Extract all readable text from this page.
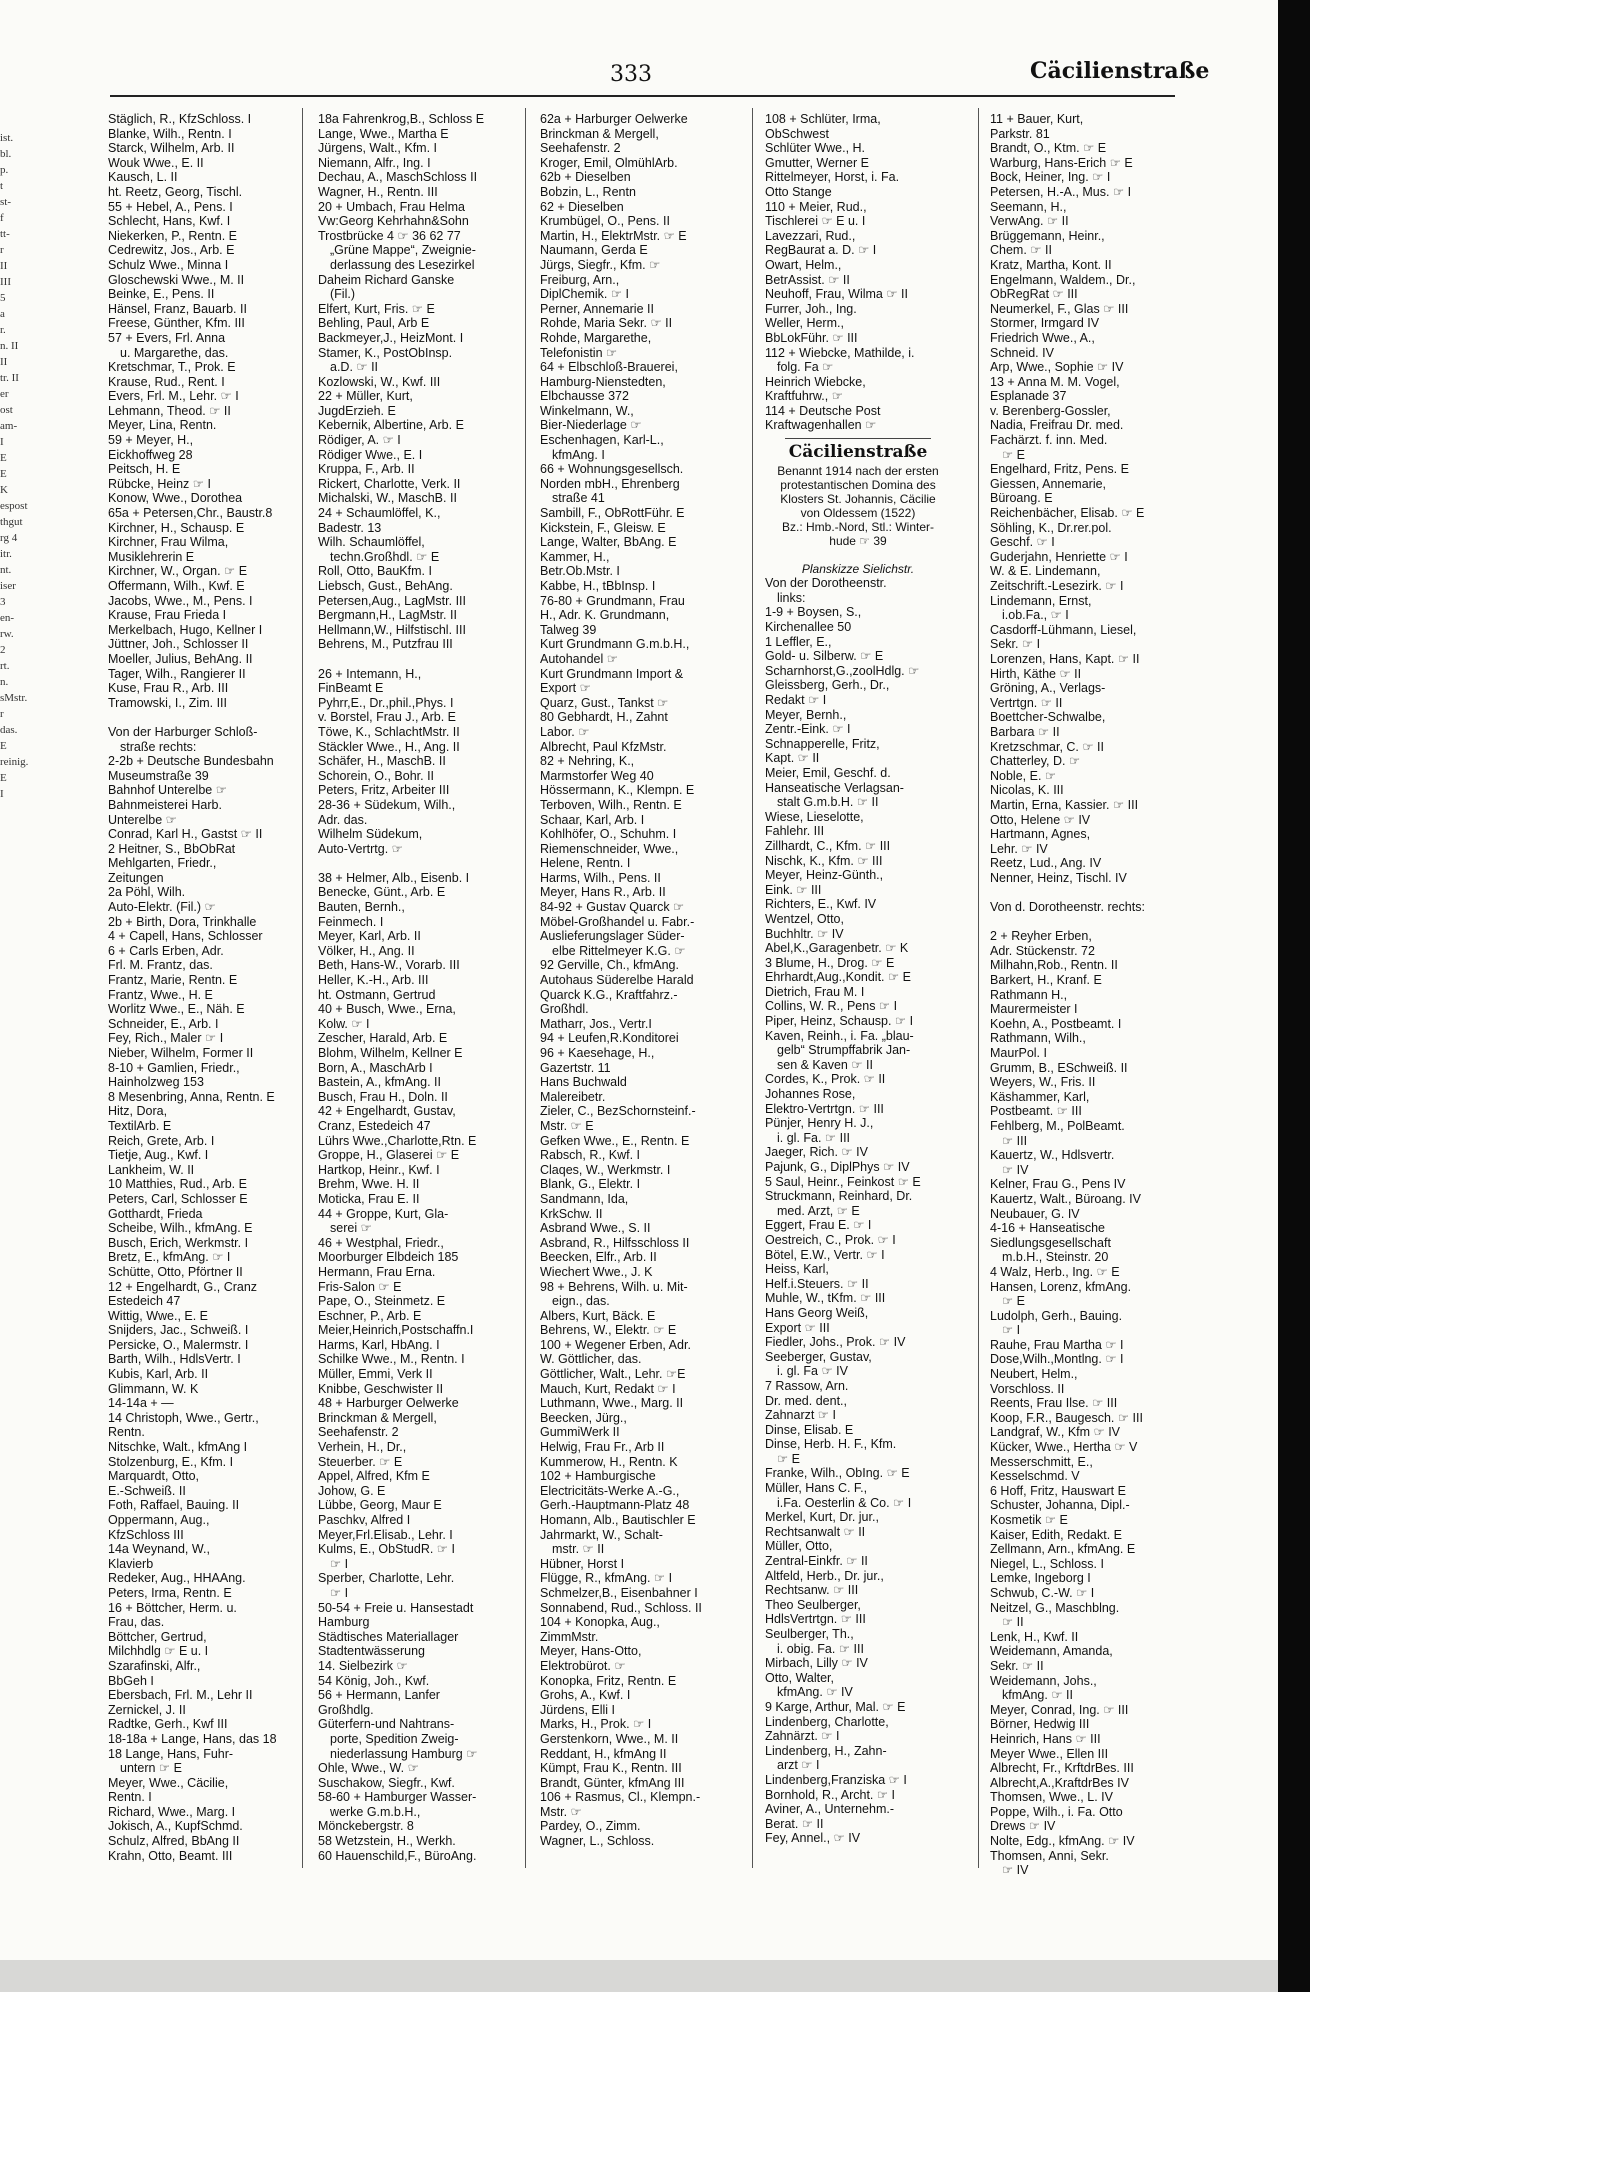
ist.
bl.
p.
t
st-
f
tt-
r
II
III
5
a
r.
n. II
II
tr. II
er
ost
am-
I
E
E
K
espost
thgut
rg 4
itr.
nt.
iser
3
en-
rw.
2
rt.
n.
sMstr.
r
das.
E
reinig.
E
I
333	Cäcilienstraße
Stäglich, R., KfzSchloss. I
Blanke, Wilh., Rentn. I
Starck, Wilhelm, Arb. II
Wouk Wwe., E. II
Kausch, L. II
ht. Reetz, Georg, Tischl.
55 + Hebel, A., Pens. I
Schlecht, Hans, Kwf. I
Niekerken, P., Rentn. E
Cedrewitz, Jos., Arb. E
Schulz Wwe., Minna I
Gloschewski Wwe., M. II
Beinke, E., Pens. II
Hänsel, Franz, Bauarb. II
Freese, Günther, Kfm. III
57 + Evers, Frl. Anna
u. Margarethe, das.
Kretschmar, T., Prok. E
Krause, Rud., Rent. I
Evers, Frl. M., Lehr. ☞ I
Lehmann, Theod. ☞ II
Meyer, Lina, Rentn.
59 + Meyer, H.,
Eickhoffweg 28
Peitsch, H. E
Rübcke, Heinz ☞ I
Konow, Wwe., Dorothea
65a + Petersen,Chr., Baustr.8
Kirchner, H., Schausp. E
Kirchner, Frau Wilma,
Musiklehrerin E
Kirchner, W., Organ. ☞ E
Offermann, Wilh., Kwf. E
Jacobs, Wwe., M., Pens. I
Krause, Frau Frieda I
Merkelbach, Hugo, Kellner I
Jüttner, Joh., Schlosser II
Moeller, Julius, BehAng. II
Tager, Wilh., Rangierer II
Kuse, Frau R., Arb. III
Tramowski, I., Zim. III

Von der Harburger Schloß-
straße rechts:
2-2b + Deutsche Bundesbahn
Museumstraße 39
Bahnhof Unterelbe ☞
Bahnmeisterei Harb.
Unterelbe ☞
Conrad, Karl H., Gastst ☞ II
2 Heitner, S., BbObRat
Mehlgarten, Friedr.,
Zeitungen
2a Pöhl, Wilh.
Auto-Elektr. (Fil.) ☞
2b + Birth, Dora, Trinkhalle
4 + Capell, Hans, Schlosser
6 + Carls Erben, Adr.
Frl. M. Frantz, das.
Frantz, Marie, Rentn. E
Frantz, Wwe., H. E
Worlitz Wwe., E., Näh. E
Schneider, E., Arb. I
Fey, Rich., Maler ☞ I
Nieber, Wilhelm, Former II
8-10 + Gamlien, Friedr.,
Hainholzweg 153
8 Mesenbring, Anna, Rentn. E
Hitz, Dora,
TextilArb. E
Reich, Grete, Arb. I
Tietje, Aug., Kwf. I
Lankheim, W. II
10 Matthies, Rud., Arb. E
Peters, Carl, Schlosser E
Gotthardt, Frieda
Scheibe, Wilh., kfmAng. E
Busch, Erich, Werkmstr. I
Bretz, E., kfmAng. ☞ I
Schütte, Otto, Pförtner II
12 + Engelhardt, G., Cranz
Estedeich 47
Wittig, Wwe., E. E
Snijders, Jac., Schweiß. I
Persicke, O., Malermstr. I
Barth, Wilh., HdlsVertr. I
Kubis, Karl, Arb. II
Glimmann, W. K
14-14a + —
14 Christoph, Wwe., Gertr.,
Rentn.
Nitschke, Walt., kfmAng I
Stolzenburg, E., Kfm. I
Marquardt, Otto,
E.-Schweiß. II
Foth, Raffael, Bauing. II
Oppermann, Aug.,
KfzSchloss III
14a Weynand, W.,
Klavierb
Redeker, Aug., HHAAng.
Peters, Irma, Rentn. E
16 + Böttcher, Herm. u.
Frau, das.
Böttcher, Gertrud,
Milchhdlg ☞ E u. I
Szarafinski, Alfr.,
BbGeh I
Ebersbach, Frl. M., Lehr II
Zernickel, J. II
Radtke, Gerh., Kwf III
18-18a + Lange, Hans, das 18
18 Lange, Hans, Fuhr-
untern ☞ E
Meyer, Wwe., Cäcilie,
Rentn. I
Richard, Wwe., Marg. I
Jokisch, A., KupfSchmd.
Schulz, Alfred, BbAng II
Krahn, Otto, Beamt. III
18a Fahrenkrog,B., Schloss E
Lange, Wwe., Martha E
Jürgens, Walt., Kfm. I
Niemann, Alfr., Ing. I
Dechau, A., MaschSchloss II
Wagner, H., Rentn. III
20 + Umbach, Frau Helma
Vw:Georg Kehrhahn&Sohn
Trostbrücke 4 ☞ 36 62 77
„Grüne Mappe“, Zweignie-
derlassung des Lesezirkel
Daheim Richard Ganske
(Fil.)
Elfert, Kurt, Fris. ☞ E
Behling, Paul, Arb E
Backmeyer,J., HeizMont. I
Stamer, K., PostObInsp.
a.D. ☞ II
Kozlowski, W., Kwf. III
22 + Müller, Kurt,
JugdErzieh. E
Kebernik, Albertine, Arb. E
Rödiger, A. ☞ I
Rödiger Wwe., E. I
Kruppa, F., Arb. II
Rickert, Charlotte, Verk. II
Michalski, W., MaschB. II
24 + Schaumlöffel, K.,
Badestr. 13
Wilh. Schaumlöffel,
techn.Großhdl. ☞ E
Roll, Otto, BauKfm. I
Liebsch, Gust., BehAng.
Petersen,Aug., LagMstr. III
Bergmann,H., LagMstr. II
Hellmann,W., Hilfstischl. III
Behrens, M., Putzfrau III

26 + Intemann, H.,
FinBeamt E
Pyhrr,E., Dr.,phil.,Phys. I
v. Borstel, Frau J., Arb. E
Töwe, K., SchlachtMstr. II
Stäckler Wwe., H., Ang. II
Schäfer, H., MaschB. II
Schorein, O., Bohr. II
Peters, Fritz, Arbeiter III
28-36 + Südekum, Wilh.,
Adr. das.
Wilhelm Südekum,
Auto-Vertrtg. ☞

38 + Helmer, Alb., Eisenb. I
Benecke, Günt., Arb. E
Bauten, Bernh.,
Feinmech. I
Meyer, Karl, Arb. II
Völker, H., Ang. II
Beth, Hans-W., Vorarb. III
Heller, K.-H., Arb. III
ht. Ostmann, Gertrud
40 + Busch, Wwe., Erna,
Kolw. ☞ I
Zescher, Harald, Arb. E
Blohm, Wilhelm, Kellner E
Born, A., MaschArb I
Bastein, A., kfmAng. II
Busch, Frau H., Doln. II
42 + Engelhardt, Gustav,
Cranz, Estedeich 47
Lührs Wwe.,Charlotte,Rtn. E
Groppe, H., Glaserei ☞ E
Hartkop, Heinr., Kwf. I
Brehm, Wwe. H. II
Moticka, Frau E. II
44 + Groppe, Kurt, Gla-
serei ☞
46 + Westphal, Friedr.,
Moorburger Elbdeich 185
Hermann, Frau Erna.
Fris-Salon ☞ E
Pape, O., Steinmetz. E
Eschner, P., Arb. E
Meier,Heinrich,Postschaffn.I
Harms, Karl, HbAng. I
Schilke Wwe., M., Rentn. I
Müller, Emmi, Verk II
Knibbe, Geschwister II
48 + Harburger Oelwerke
Brinckman & Mergell,
Seehafenstr. 2
Verhein, H., Dr.,
Steuerber. ☞ E
Appel, Alfred, Kfm E
Johow, G. E
Lübbe, Georg, Maur E
Paschkv, Alfred I
Meyer,Frl.Elisab., Lehr. I
Kulms, E., ObStudR. ☞ I
☞ I
Sperber, Charlotte, Lehr.
☞ I
50-54 + Freie u. Hansestadt
Hamburg
Städtisches Materiallager
Stadtentwässerung
14. Sielbezirk ☞
54 König, Joh., Kwf.
56 + Hermann, Lanfer
Großhdlg.
Güterfern-und Nahtrans-
porte, Spedition Zweig-
niederlassung Hamburg ☞
Ohle, Wwe., W. ☞
Suschakow, Siegfr., Kwf.
58-60 + Hamburger Wasser-
werke G.m.b.H.,
Mönckebergstr. 8
58 Wetzstein, H., Werkh.
60 Hauenschild,F., BüroAng.
62a + Harburger Oelwerke
Brinckman & Mergell,
Seehafenstr. 2
Kroger, Emil, OlmühlArb.
62b + Dieselben
Bobzin, L., Rentn
62 + Dieselben
Krumbügel, O., Pens. II
Martin, H., ElektrMstr. ☞ E
Naumann, Gerda E
Jürgs, Siegfr., Kfm. ☞
Freiburg, Arn.,
DiplChemik. ☞ I
Perner, Annemarie II
Rohde, Maria Sekr. ☞ II
Rohde, Margarethe,
Telefonistin ☞
64 + Elbschloß-Brauerei,
Hamburg-Nienstedten,
Elbchausse 372
Winkelmann, W.,
Bier-Niederlage ☞
Eschenhagen, Karl-L.,
kfmAng. I
66 + Wohnungsgesellsch.
Norden mbH., Ehrenberg
straße 41
Sambill, F., ObRottFühr. E
Kickstein, F., Gleisw. E
Lange, Walter, BbAng. E
Kammer, H.,
Betr.Ob.Mstr. I
Kabbe, H., tBbInsp. I
76-80 + Grundmann, Frau
H., Adr. K. Grundmann,
Talweg 39
Kurt Grundmann G.m.b.H.,
Autohandel ☞
Kurt Grundmann Import &
Export ☞
Quarz, Gust., Tankst ☞
80 Gebhardt, H., Zahnt
Labor. ☞
Albrecht, Paul KfzMstr.
82 + Nehring, K.,
Marmstorfer Weg 40
Hössermann, K., Klempn. E
Terboven, Wilh., Rentn. E
Schaar, Karl, Arb. I
Kohlhöfer, O., Schuhm. I
Riemenschneider, Wwe.,
Helene, Rentn. I
Harms, Wilh., Pens. II
Meyer, Hans R., Arb. II
84-92 + Gustav Quarck ☞
Möbel-Großhandel u. Fabr.-
Auslieferungslager Süder-
elbe Rittelmeyer K.G. ☞
92 Gerville, Ch., kfmAng.
Autohaus Süderelbe Harald
Quarck K.G., Kraftfahrz.-
Großhdl.
Matharr, Jos., Vertr.I
94 + Leufen,R.Konditorei
96 + Kaesehage, H.,
Gazertstr. 11
Hans Buchwald
Malereibetr.
Zieler, C., BezSchornsteinf.-
Mstr. ☞ E
Gefken Wwe., E., Rentn. E
Rabsch, R., Kwf. I
Claqes, W., Werkmstr. I
Blank, G., Elektr. I
Sandmann, Ida,
KrkSchw. II
Asbrand Wwe., S. II
Asbrand, R., Hilfsschloss II
Beecken, Elfr., Arb. II
Wiechert Wwe., J. K
98 + Behrens, Wilh. u. Mit-
eign., das.
Albers, Kurt, Bäck. E
Behrens, W., Elektr. ☞ E
100 + Wegener Erben, Adr.
W. Göttlicher, das.
Göttlicher, Walt., Lehr. ☞E
Mauch, Kurt, Redakt ☞ I
Luthmann, Wwe., Marg. II
Beecken, Jürg.,
GummiWerk II
Helwig, Frau Fr., Arb II
Kummerow, H., Rentn. K
102 + Hamburgische
Electricitäts-Werke A.-G.,
Gerh.-Hauptmann-Platz 48
Homann, Alb., Bautischler E
Jahrmarkt, W., Schalt-
mstr. ☞ II
Hübner, Horst I
Flügge, R., kfmAng. ☞ I
Schmelzer,B., Eisenbahner I
Sonnabend, Rud., Schloss. II
104 + Konopka, Aug.,
ZimmMstr.
Meyer, Hans-Otto,
Elektrobürot. ☞
Konopka, Fritz, Rentn. E
Grohs, A., Kwf. I
Jürdens, Elli I
Marks, H., Prok. ☞ I
Gerstenkorn, Wwe., M. II
Reddant, H., kfmAng II
Kümpt, Frau K., Rentn. III
Brandt, Günter, kfmAng III
106 + Rasmus, Cl., Klempn.-
Mstr. ☞
Pardey, O., Zimm.
Wagner, L., Schloss.
108 + Schlüter, Irma,
ObSchwest
Schlüter Wwe., H.
Gmutter, Werner E
Rittelmeyer, Horst, i. Fa.
Otto Stange
110 + Meier, Rud.,
Tischlerei ☞ E u. I
Lavezzari, Rud.,
RegBaurat a. D. ☞ I
Owart, Helm.,
BetrAssist. ☞ II
Neuhoff, Frau, Wilma ☞ II
Furrer, Joh., Ing.
Weller, Herm.,
BbLokFühr. ☞ III
112 + Wiebcke, Mathilde, i.
folg. Fa ☞
Heinrich Wiebcke,
Kraftfuhrw., ☞
114 + Deutsche Post
Kraftwagenhallen ☞
Cäcilienstraße
Benannt 1914 nach der ersten
protestantischen Domina des
Klosters St. Johannis, Cäcilie
von Oldessem (1522)
Bz.: Hmb.-Nord, Stl.: Winter-
hude ☞ 39

Planskizze Sielichstr.
Von der Dorotheenstr.
links:
1-9 + Boysen, S.,
Kirchenallee 50
1 Leffler, E.,
Gold- u. Silberw. ☞ E
Scharnhorst,G.,zoolHdlg. ☞
Gleissberg, Gerh., Dr.,
Redakt ☞ I
Meyer, Bernh.,
Zentr.-Eink. ☞ I
Schnapperelle, Fritz,
Kapt. ☞ II
Meier, Emil, Geschf. d.
Hanseatische Verlagsan-
stalt G.m.b.H. ☞ II
Wiese, Lieselotte,
Fahlehr. III
Zillhardt, C., Kfm. ☞ III
Nischk, K., Kfm. ☞ III
Meyer, Heinz-Günth.,
Eink. ☞ III
Richters, E., Kwf. IV
Wentzel, Otto,
Buchhltr. ☞ IV
Abel,K.,Garagenbetr. ☞ K
3 Blume, H., Drog. ☞ E
Ehrhardt,Aug.,Kondit. ☞ E
Dietrich, Frau M. I
Collins, W. R., Pens ☞ I
Piper, Heinz, Schausp. ☞ I
Kaven, Reinh., i. Fa. „blau-
gelb“ Strumpffabrik Jan-
sen & Kaven ☞ II
Cordes, K., Prok. ☞ II
Johannes Rose,
Elektro-Vertrtgn. ☞ III
Pünjer, Henry H. J.,
i. gl. Fa. ☞ III
Jaeger, Rich. ☞ IV
Pajunk, G., DiplPhys ☞ IV
5 Saul, Heinr., Feinkost ☞ E
Struckmann, Reinhard, Dr.
med. Arzt, ☞ E
Eggert, Frau E. ☞ I
Oestreich, C., Prok. ☞ I
Bötel, E.W., Vertr. ☞ I
Heiss, Karl,
Helf.i.Steuers. ☞ II
Muhle, W., tKfm. ☞ III
Hans Georg Weiß,
Export ☞ III
Fiedler, Johs., Prok. ☞ IV
Seeberger, Gustav,
i. gl. Fa ☞ IV
7 Rassow, Arn.
Dr. med. dent.,
Zahnarzt ☞ I
Dinse, Elisab. E
Dinse, Herb. H. F., Kfm.
☞ E
Franke, Wilh., ObIng. ☞ E
Müller, Hans C. F.,
i.Fa. Oesterlin & Co. ☞ I
Merkel, Kurt, Dr. jur.,
Rechtsanwalt ☞ II
Müller, Otto,
Zentral-Einkfr. ☞ II
Altfeld, Herb., Dr. jur.,
Rechtsanw. ☞ III
Theo Seulberger,
HdlsVertrtgn. ☞ III
Seulberger, Th.,
i. obig. Fa. ☞ III
Mirbach, Lilly ☞ IV
Otto, Walter,
kfmAng. ☞ IV
9 Karge, Arthur, Mal. ☞ E
Lindenberg, Charlotte,
Zahnärzt. ☞ I
Lindenberg, H., Zahn-
arzt ☞ I
Lindenberg,Franziska ☞ I
Bornhold, R., Archt. ☞ I
Aviner, A., Unternehm.-
Berat. ☞ II
Fey, Annel., ☞ IV
11 + Bauer, Kurt,
Parkstr. 81
Brandt, O., Ktm. ☞ E
Warburg, Hans-Erich ☞ E
Bock, Heiner, Ing. ☞ I
Petersen, H.-A., Mus. ☞ I
Seemann, H.,
VerwAng. ☞ II
Brüggemann, Heinr.,
Chem. ☞ II
Kratz, Martha, Kont. II
Engelmann, Waldem., Dr.,
ObRegRat ☞ III
Neumerkel, F., Glas ☞ III
Stormer, Irmgard IV
Friedrich Wwe., A.,
Schneid. IV
Arp, Wwe., Sophie ☞ IV
13 + Anna M. M. Vogel,
Esplanade 37
v. Berenberg-Gossler,
Nadia, Freifrau Dr. med.
Fachärzt. f. inn. Med.
☞ E
Engelhard, Fritz, Pens. E
Giessen, Annemarie,
Büroang. E
Reichenbächer, Elisab. ☞ E
Söhling, K., Dr.rer.pol.
Geschf. ☞ I
Guderjahn, Henriette ☞ I
W. & E. Lindemann,
Zeitschrift.-Lesezirk. ☞ I
Lindemann, Ernst,
i.ob.Fa., ☞ I
Casdorff-Lühmann, Liesel,
Sekr. ☞ I
Lorenzen, Hans, Kapt. ☞ II
Hirth, Käthe ☞ II
Gröning, A., Verlags-
Vertrtgn. ☞ II
Boettcher-Schwalbe,
Barbara ☞ II
Kretzschmar, C. ☞ II
Chatterley, D. ☞
Noble, E. ☞
Nicolas, K. III
Martin, Erna, Kassier. ☞ III
Otto, Helene ☞ IV
Hartmann, Agnes,
Lehr. ☞ IV
Reetz, Lud., Ang. IV
Nenner, Heinz, Tischl. IV

Von d. Dorotheenstr. rechts:

2 + Reyher Erben,
Adr. Stückenstr. 72
Milhahn,Rob., Rentn. II
Barkert, H., Kranf. E
Rathmann H.,
Maurermeister I
Koehn, A., Postbeamt. I
Rathmann, Wilh.,
MaurPol. I
Grumm, B., ESchweiß. II
Weyers, W., Fris. II
Käshammer, Karl,
Postbeamt. ☞ III
Fehlberg, M., PolBeamt.
☞ III
Kauertz, W., Hdlsvertr.
☞ IV
Kelner, Frau G., Pens IV
Kauertz, Walt., Büroang. IV
Neubauer, G. IV
4-16 + Hanseatische
Siedlungsgesellschaft
m.b.H., Steinstr. 20
4 Walz, Herb., Ing. ☞ E
Hansen, Lorenz, kfmAng.
☞ E
Ludolph, Gerh., Bauing.
☞ I
Rauhe, Frau Martha ☞ I
Dose,Wilh.,Montlng. ☞ I
Neubert, Helm.,
Vorschloss. II
Reents, Frau Ilse. ☞ III
Koop, F.R., Baugesch. ☞ III
Landgraf, W., Kfm ☞ IV
Kücker, Wwe., Hertha ☞ V
Messerschmitt, E.,
Kesselschmd. V
6 Hoff, Fritz, Hauswart E
Schuster, Johanna, Dipl.-
Kosmetik ☞ E
Kaiser, Edith, Redakt. E
Zellmann, Arn., kfmAng. E
Niegel, L., Schloss. I
Lemke, Ingeborg I
Schwub, C.-W. ☞ I
Neitzel, G., Maschblng.
☞ II
Lenk, H., Kwf. II
Weidemann, Amanda,
Sekr. ☞ II
Weidemann, Johs.,
kfmAng. ☞ II
Meyer, Conrad, Ing. ☞ III
Börner, Hedwig III
Heinrich, Hans ☞ III
Meyer Wwe., Ellen III
Albrecht, Fr., KrftdrBes. III
Albrecht,A.,KraftdrBes IV
Thomsen, Wwe., L. IV
Poppe, Wilh., i. Fa. Otto
Drews ☞ IV
Nolte, Edg., kfmAng. ☞ IV
Thomsen, Anni, Sekr.
☞ IV
